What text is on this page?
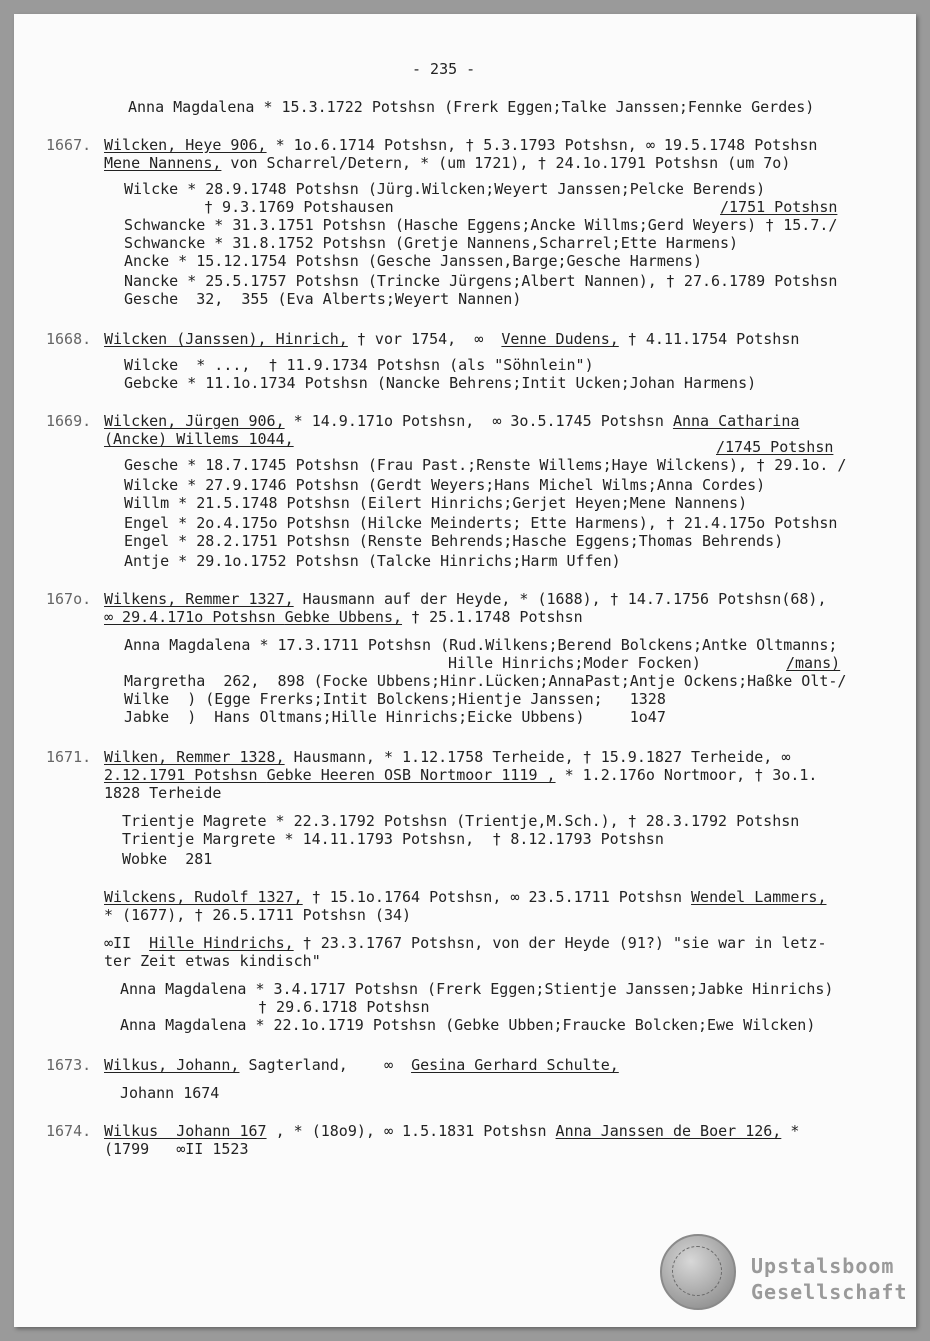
- 235 -
Anna Magdalena * 15.3.1722 Potshsn (Frerk Eggen;Talke Janssen;Fennke Gerdes)
1667. Wilcken, Heye 906, * 1o.6.1714 Potshsn, † 5.3.1793 Potshsn, ∞ 19.5.1748 Potshsn
Mene Nannens, von Scharrel/Detern, * (um 1721), † 24.1o.1791 Potshsn (um 7o)
Wilcke * 28.9.1748 Potshsn (Jürg.Wilcken;Weyert Janssen;Pelcke Berends)
† 9.3.1769 Potshausen	/1751 Potshsn
Schwancke * 31.3.1751 Potshsn (Hasche Eggens;Ancke Willms;Gerd Weyers) † 15.7./
Schwancke * 31.8.1752 Potshsn (Gretje Nannens,Scharrel;Ette Harmens)
Ancke * 15.12.1754 Potshsn (Gesche Janssen,Barge;Gesche Harmens)
Nancke * 25.5.1757 Potshsn (Trincke Jürgens;Albert Nannen), † 27.6.1789 Potshsn
Gesche  32,  355 (Eva Alberts;Weyert Nannen)
1668. Wilcken (Janssen), Hinrich, † vor 1754,  ∞  Venne Dudens, † 4.11.1754 Potshsn
Wilcke  * ...,  † 11.9.1734 Potshsn (als "Söhnlein")
Gebcke * 11.1o.1734 Potshsn (Nancke Behrens;Intit Ucken;Johan Harmens)
1669. Wilcken, Jürgen 906, * 14.9.171o Potshsn,  ∞ 3o.5.1745 Potshsn Anna Catharina
(Ancke) Willems 1044,	/1745 Potshsn
Gesche * 18.7.1745 Potshsn (Frau Past.;Renste Willems;Haye Wilckens), † 29.1o. /
Wilcke * 27.9.1746 Potshsn (Gerdt Weyers;Hans Michel Wilms;Anna Cordes)
Willm * 21.5.1748 Potshsn (Eilert Hinrichs;Gerjet Heyen;Mene Nannens)
Engel * 2o.4.175o Potshsn (Hilcke Meinderts; Ette Harmens), † 21.4.175o Potshsn
Engel * 28.2.1751 Potshsn (Renste Behrends;Hasche Eggens;Thomas Behrends)
Antje * 29.1o.1752 Potshsn (Talcke Hinrichs;Harm Uffen)
167o. Wilkens, Remmer 1327, Hausmann auf der Heyde, * (1688), † 14.7.1756 Potshsn(68),
∞ 29.4.171o Potshsn Gebke Ubbens, † 25.1.1748 Potshsn
Anna Magdalena * 17.3.1711 Potshsn (Rud.Wilkens;Berend Bolckens;Antke Oltmanns;
Hille Hinrichs;Moder Focken)	/mans)
Margretha  262,  898 (Focke Ubbens;Hinr.Lücken;AnnaPast;Antje Ockens;Haßke Olt-/
Wilke  ) (Egge Frerks;Intit Bolckens;Hientje Janssen;   1328
Jabke  )  Hans Oltmans;Hille Hinrichs;Eicke Ubbens)     1o47
1671. Wilken, Remmer 1328, Hausmann, * 1.12.1758 Terheide, † 15.9.1827 Terheide, ∞
2.12.1791 Potshsn Gebke Heeren OSB Nortmoor 1119 , * 1.2.176o Nortmoor, † 3o.1.
1828 Terheide
Trientje Magrete * 22.3.1792 Potshsn (Trientje,M.Sch.), † 28.3.1792 Potshsn
Trientje Margrete * 14.11.1793 Potshsn,  † 8.12.1793 Potshsn
Wobke  281
Wilckens, Rudolf 1327, † 15.1o.1764 Potshsn, ∞ 23.5.1711 Potshsn Wendel Lammers,
* (1677), † 26.5.1711 Potshsn (34)
∞II  Hille Hindrichs, † 23.3.1767 Potshsn, von der Heyde (91?) "sie war in letz-
ter Zeit etwas kindisch"
Anna Magdalena * 3.4.1717 Potshsn (Frerk Eggen;Stientje Janssen;Jabke Hinrichs)
† 29.6.1718 Potshsn
Anna Magdalena * 22.1o.1719 Potshsn (Gebke Ubben;Fraucke Bolcken;Ewe Wilcken)
1673. Wilkus, Johann, Sagterland,    ∞  Gesina Gerhard Schulte,
Johann 1674
1674. Wilkus  Johann 167 , * (18o9), ∞ 1.5.1831 Potshsn Anna Janssen de Boer 126, *
(1799   ∞II 1523
Upstalsboom
Gesellschaft
